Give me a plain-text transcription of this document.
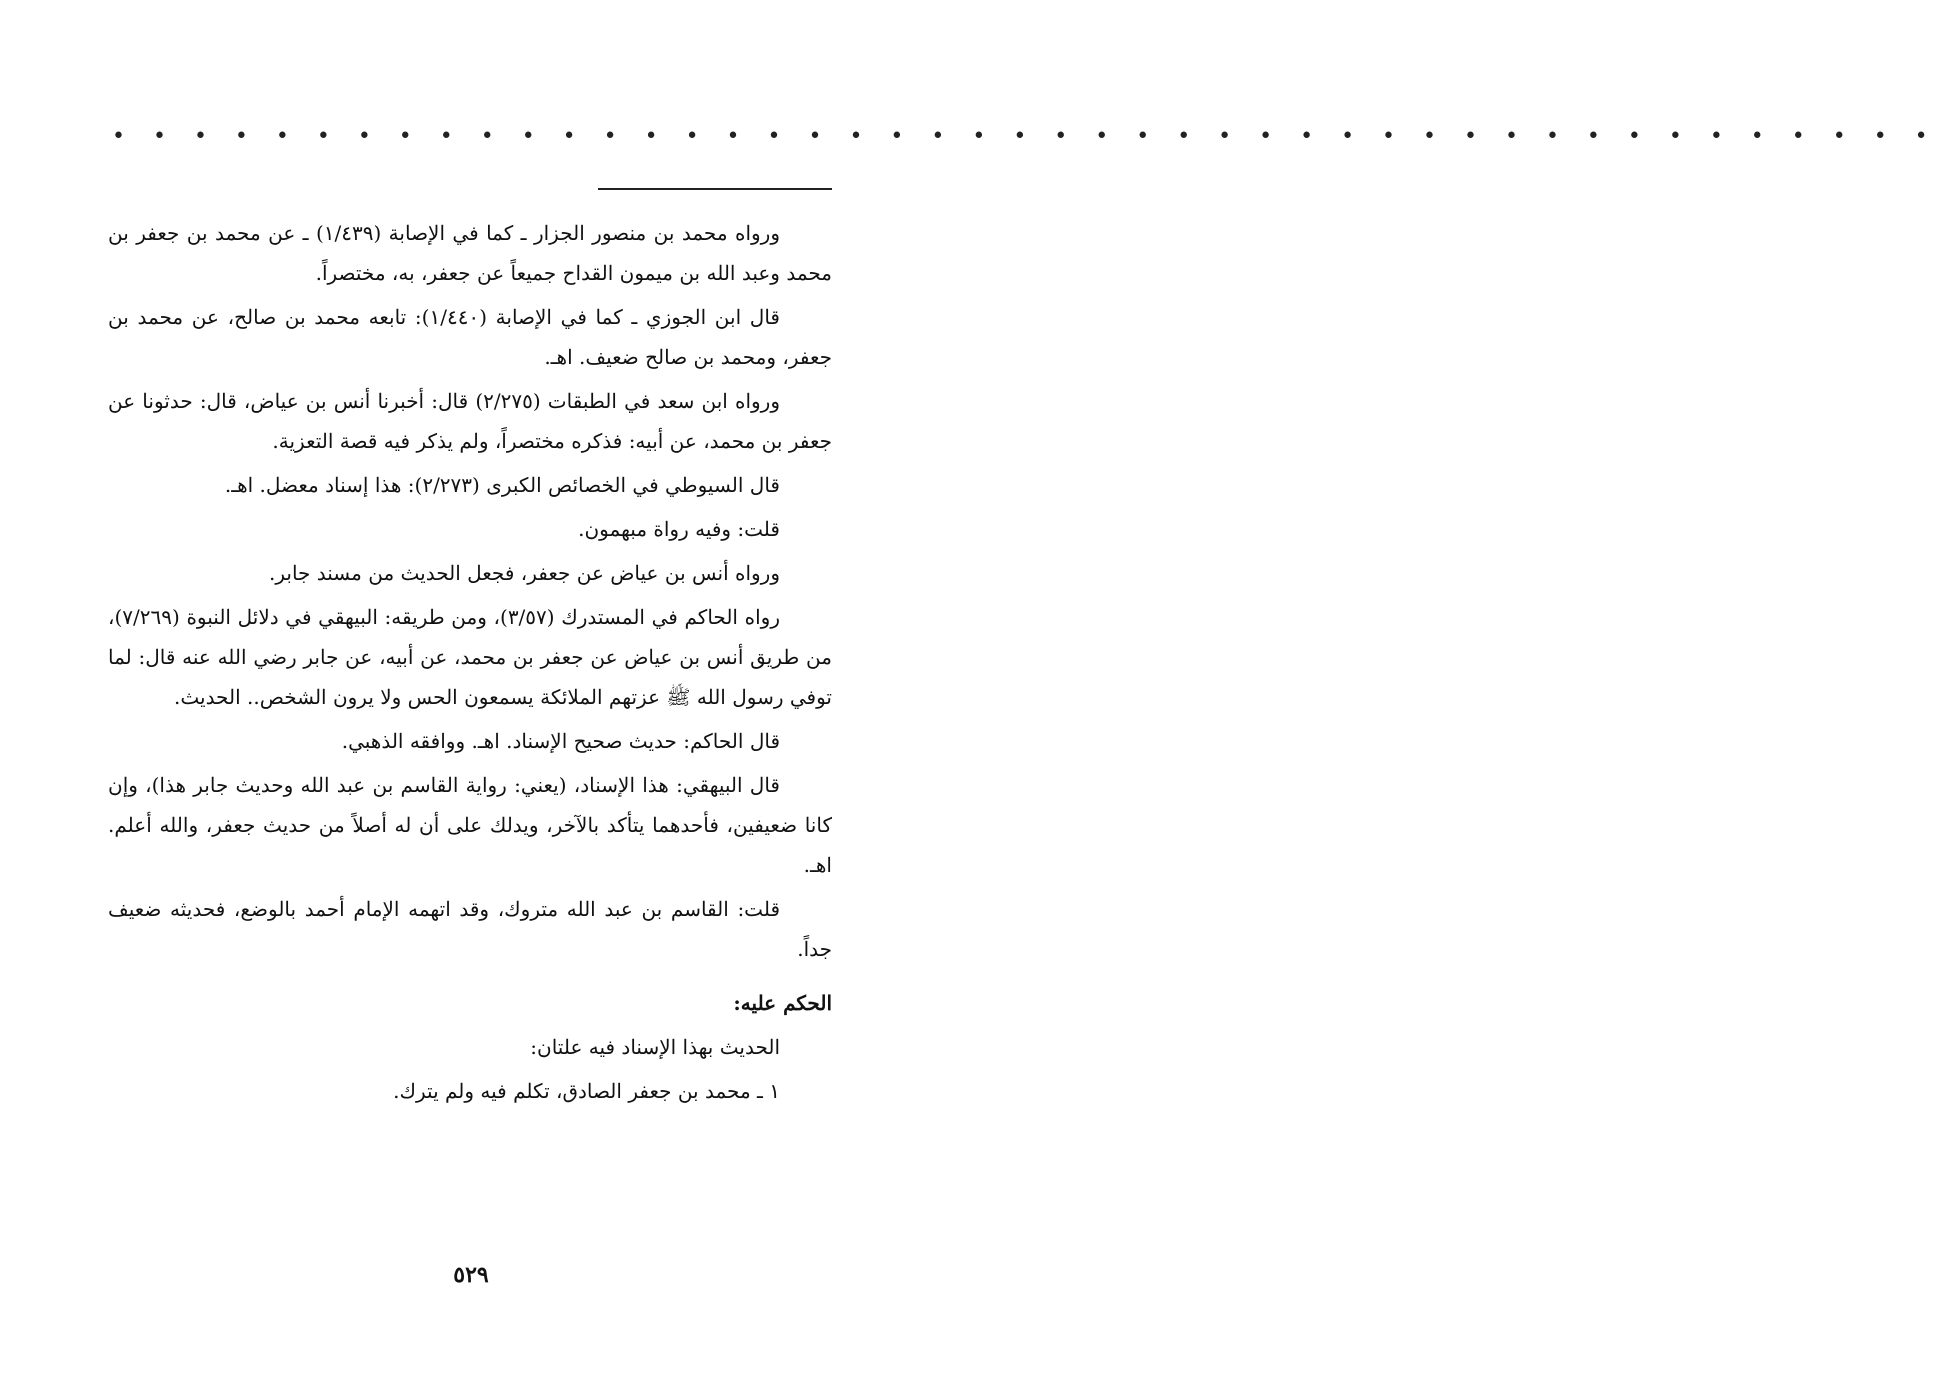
• • • • • • • • • • • • • • • • • • • • • • • • • • • • • • • • • • • • • • • • • • • • •

ورواه محمد بن منصور الجزار ـ كما في الإصابة (١/٤٣٩) ـ عن محمد بن جعفر بن محمد وعبد الله بن ميمون القداح جميعاً عن جعفر، به، مختصراً.

قال ابن الجوزي ـ كما في الإصابة (١/٤٤٠): تابعه محمد بن صالح، عن محمد بن جعفر، ومحمد بن صالح ضعيف. اهـ.

ورواه ابن سعد في الطبقات (٢/٢٧٥) قال: أخبرنا أنس بن عياض، قال: حدثونا عن جعفر بن محمد، عن أبيه: فذكره مختصراً، ولم يذكر فيه قصة التعزية.

قال السيوطي في الخصائص الكبرى (٢/٢٧٣): هذا إسناد معضل. اهـ.

قلت: وفيه رواة مبهمون.

ورواه أنس بن عياض عن جعفر، فجعل الحديث من مسند جابر.

رواه الحاكم في المستدرك (٣/٥٧)، ومن طريقه: البيهقي في دلائل النبوة (٧/٢٦٩)، من طريق أنس بن عياض عن جعفر بن محمد، عن أبيه، عن جابر رضي الله عنه قال: لما توفي رسول الله ﷺ عزتهم الملائكة يسمعون الحس ولا يرون الشخص.. الحديث.

قال الحاكم: حديث صحيح الإسناد. اهـ. ووافقه الذهبي.

قال البيهقي: هذا الإسناد، (يعني: رواية القاسم بن عبد الله وحديث جابر هذا)، وإن كانا ضعيفين، فأحدهما يتأكد بالآخر، ويدلك على أن له أصلاً من حديث جعفر، والله أعلم. اهـ.

قلت: القاسم بن عبد الله متروك، وقد اتهمه الإمام أحمد بالوضع، فحديثه ضعيف جداً.

الحكم عليه:

الحديث بهذا الإسناد فيه علتان:

١ ـ محمد بن جعفر الصادق، تكلم فيه ولم يترك.

٥٢٩
